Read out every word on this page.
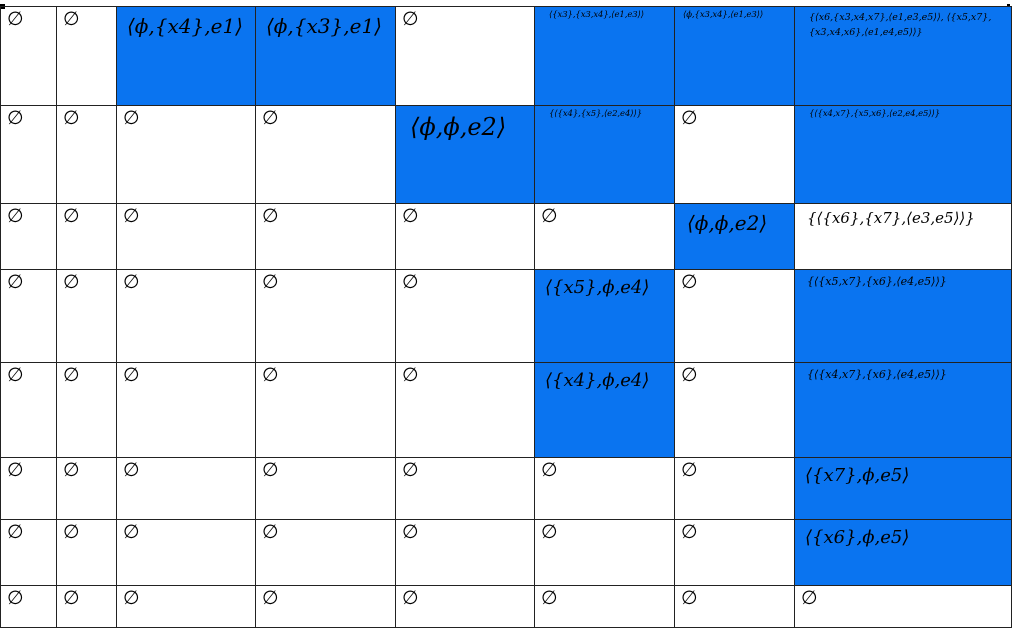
∅	∅	⟨ϕ,{x4},e1⟩	⟨ϕ,{x3},e1⟩	∅	⟨{x3},{x3,x4},⟨e1,e3⟩⟩	⟨ϕ,{x3,x4},⟨e1,e3⟩⟩	{⟨x6,{x3,x4,x7},⟨e1,e3,e5⟩⟩, ⟨{x5,x7},{x3,x4,x6},⟨e1,e4,e5⟩⟩}

∅	∅	∅	∅	⟨ϕ,ϕ,e2⟩	{⟨{x4},{x5},⟨e2,e4⟩⟩}	∅	{⟨{x4,x7},{x5,x6},⟨e2,e4,e5⟩⟩}

∅	∅	∅	∅	∅	∅	⟨ϕ,ϕ,e2⟩	{⟨{x6},{x7},⟨e3,e5⟩⟩}

∅	∅	∅	∅	∅	⟨{x5},ϕ,e4⟩	∅	{⟨{x5,x7},{x6},⟨e4,e5⟩⟩}

∅	∅	∅	∅	∅	⟨{x4},ϕ,e4⟩	∅	{⟨{x4,x7},{x6},⟨e4,e5⟩⟩}

∅	∅	∅	∅	∅	∅	∅	⟨{x7},ϕ,e5⟩

∅	∅	∅	∅	∅	∅	∅	⟨{x6},ϕ,e5⟩

∅	∅	∅	∅	∅	∅	∅	∅
